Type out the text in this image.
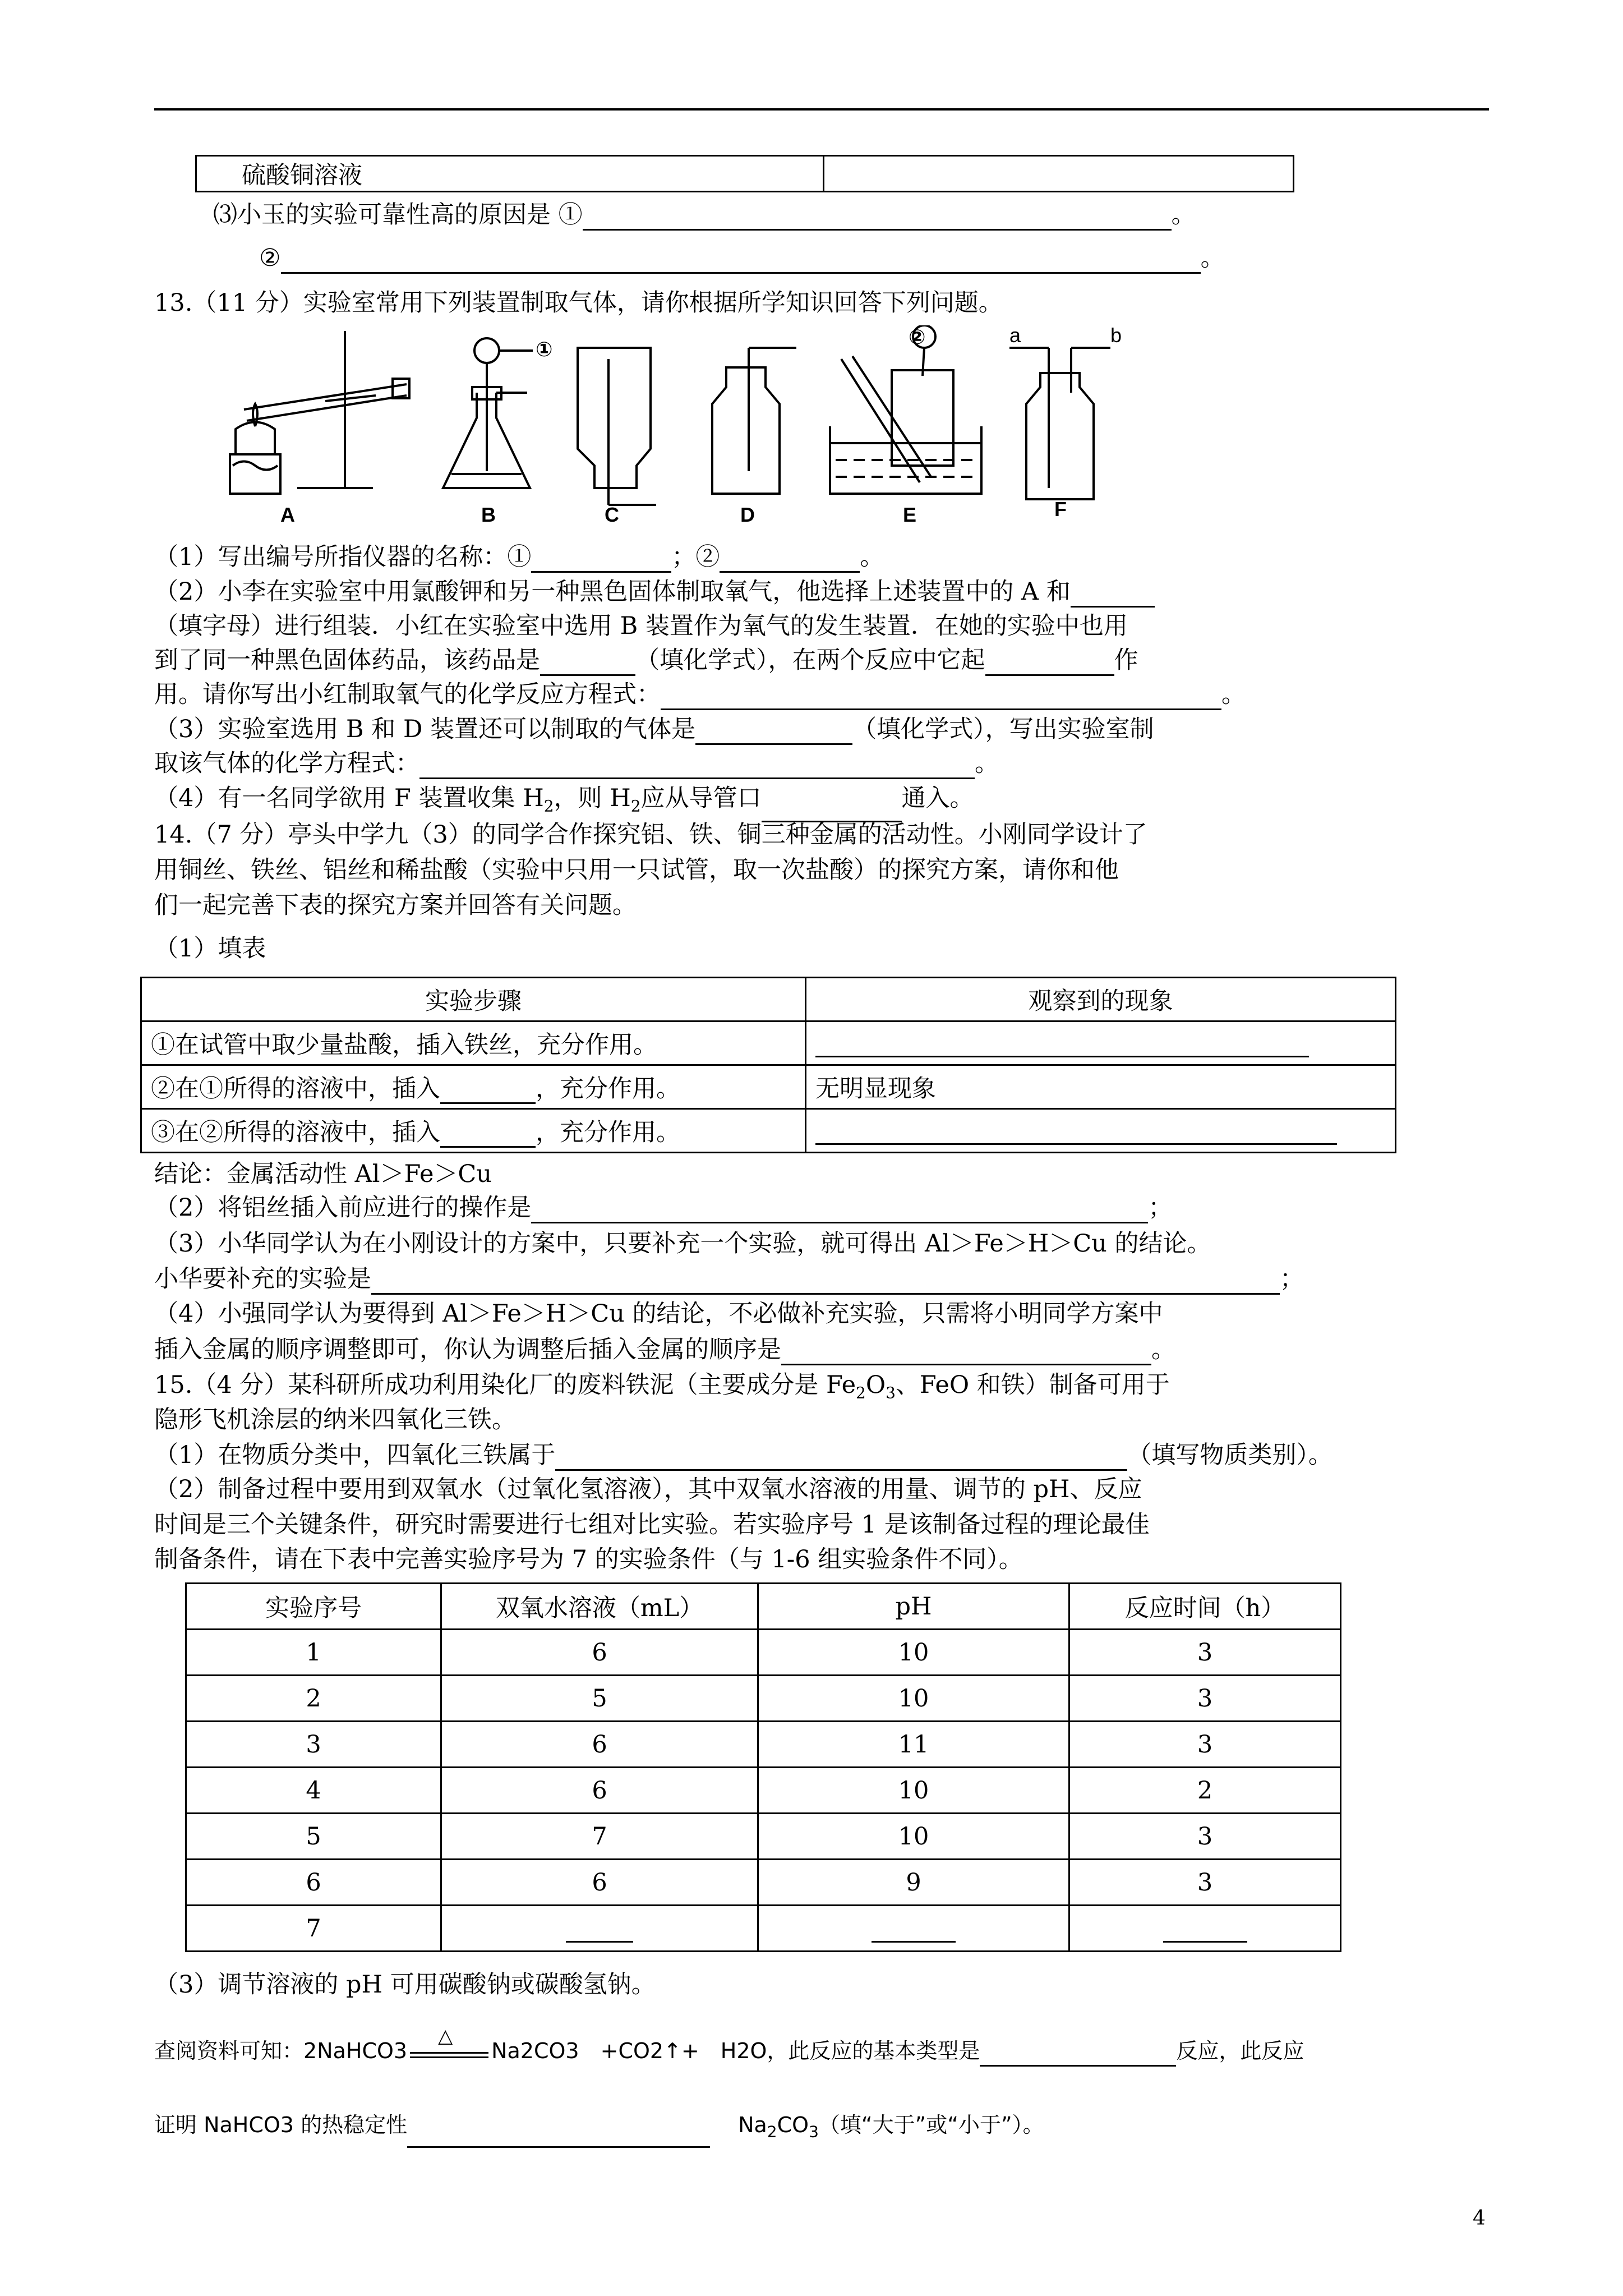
硫酸铜溶液	
⑶小玉的实验可靠性高的原因是 ①	。
②	。
13.（11 分）实验室常用下列装置制取气体，请你根据所学知识回答下列问题。
A	B	C	D	E	F
①
②	a	b
（1）写出编号所指仪器的名称：①	；②	。
（2）小李在实验室中用氯酸钾和另一种黑色固体制取氧气，他选择上述装置中的 A 和
（填字母）进行组装．小红在实验室中选用 B 装置作为氧气的发生装置．在她的实验中也用
到了同一种黑色固体药品，该药品是	（填化学式），在两个反应中它起	作
用。请你写出小红制取氧气的化学反应方程式：	。
（3）实验室选用 B 和 D 装置还可以制取的气体是	（填化学式），写出实验室制
取该气体的化学方程式：	。
（4）有一名同学欲用 F 装置收集 $H_2$，则 $H_2$应从导管口	通入。
14.（7 分）亭头中学九（3）的同学合作探究铝、铁、铜三种金属的活动性。小刚同学设计了
用铜丝、铁丝、铝丝和稀盐酸（实验中只用一只试管，取一次盐酸）的探究方案，请你和他
们一起完善下表的探究方案并回答有关问题。
（1）填表
实验步骤	观察到的现象
①在试管中取少量盐酸，插入铁丝，充分作用。	
②在①所得的溶液中，插入 ，充分作用。	无明显现象
③在②所得的溶液中，插入 ，充分作用。	
结论：金属活动性 Al＞Fe＞Cu
（2）将铝丝插入前应进行的操作是	；
（3）小华同学认为在小刚设计的方案中，只要补充一个实验，就可得出 Al＞Fe＞H＞Cu 的结论。
小华要补充的实验是	；
（4）小强同学认为要得到 Al＞Fe＞H＞Cu 的结论，不必做补充实验，只需将小明同学方案中
插入金属的顺序调整即可，你认为调整后插入金属的顺序是	。
15.（4 分）某科研所成功利用染化厂的废料铁泥（主要成分是 $Fe_2O_3$、FeO 和铁）制备可用于
隐形飞机涂层的纳米四氧化三铁。
（1）在物质分类中，四氧化三铁属于	（填写物质类别）。
（2）制备过程中要用到双氧水（过氧化氢溶液），其中双氧水溶液的用量、调节的 pH、反应
时间是三个关键条件，研究时需要进行七组对比实验。若实验序号 1 是该制备过程的理论最佳
制备条件，请在下表中完善实验序号为 7 的实验条件（与 1-6 组实验条件不同）。
实验序号	双氧水溶液（mL）	pH	反应时间（h）
1	6	10	3
2	5	10	3
3	6	11	3
4	6	10	2
5	7	10	3
6	6	9	3
7			
（3）调节溶液的 pH 可用碳酸钠或碳酸氢钠。
查阅资料可知：2NaHCO3
△
Na2CO3　+CO2↑+　H2O，此反应的基本类型是	反应，此反应
证明 NaHCO3 的热稳定性	$Na_2CO_3$（填“大于”或“小于”）。
4
